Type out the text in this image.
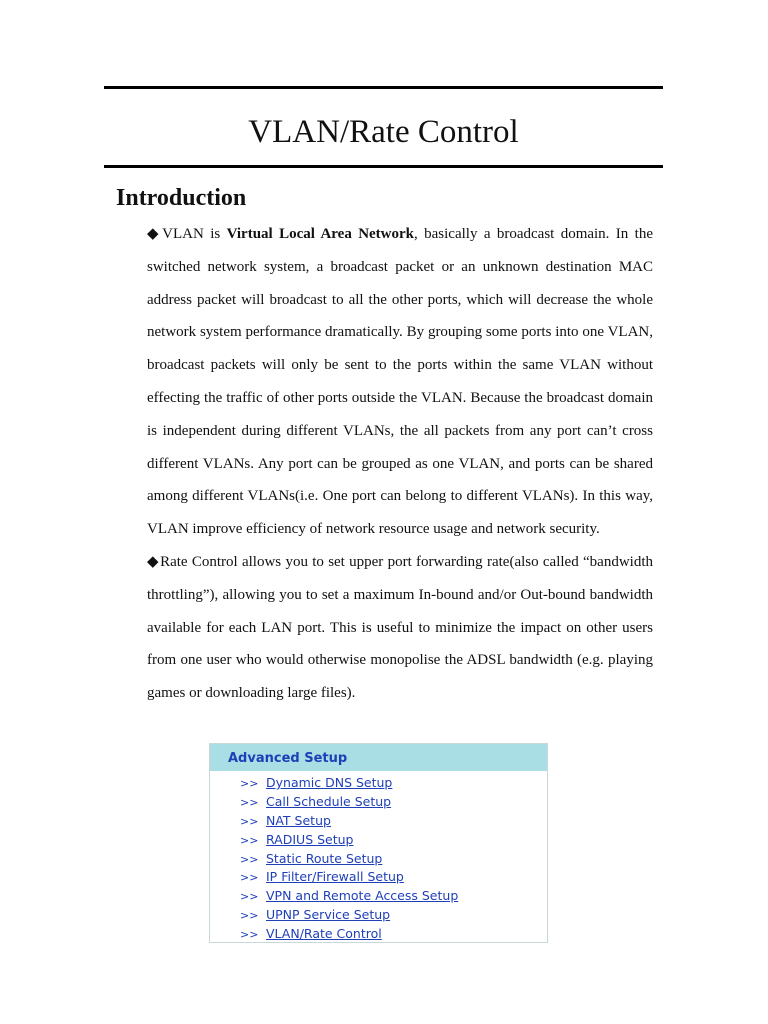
VLAN/Rate Control
Introduction

◆VLAN is Virtual Local Area Network, basically a broadcast domain. In the switched network system, a broadcast packet or an unknown destination MAC address packet will broadcast to all the other ports, which will decrease the whole network system performance dramatically. By grouping some ports into one VLAN, broadcast packets will only be sent to the ports within the same VLAN without effecting the traffic of other ports outside the VLAN. Because the broadcast domain is independent during different VLANs, the all packets from any port can’t cross different VLANs. Any port can be grouped as one VLAN, and ports can be shared among different VLANs(i.e. One port can belong to different VLANs). In this way, VLAN improve efficiency of network resource usage and network security.

◆Rate Control allows you to set upper port forwarding rate(also called “bandwidth throttling”), allowing you to set a maximum In-bound and/or Out-bound bandwidth available for each LAN port. This is useful to minimize the impact on other users from one user who would otherwise monopolise the ADSL bandwidth (e.g. playing games or downloading large files).

Advanced Setup
>> Dynamic DNS Setup
>> Call Schedule Setup
>> NAT Setup
>> RADIUS Setup
>> Static Route Setup
>> IP Filter/Firewall Setup
>> VPN and Remote Access Setup
>> UPNP Service Setup
>> VLAN/Rate Control
